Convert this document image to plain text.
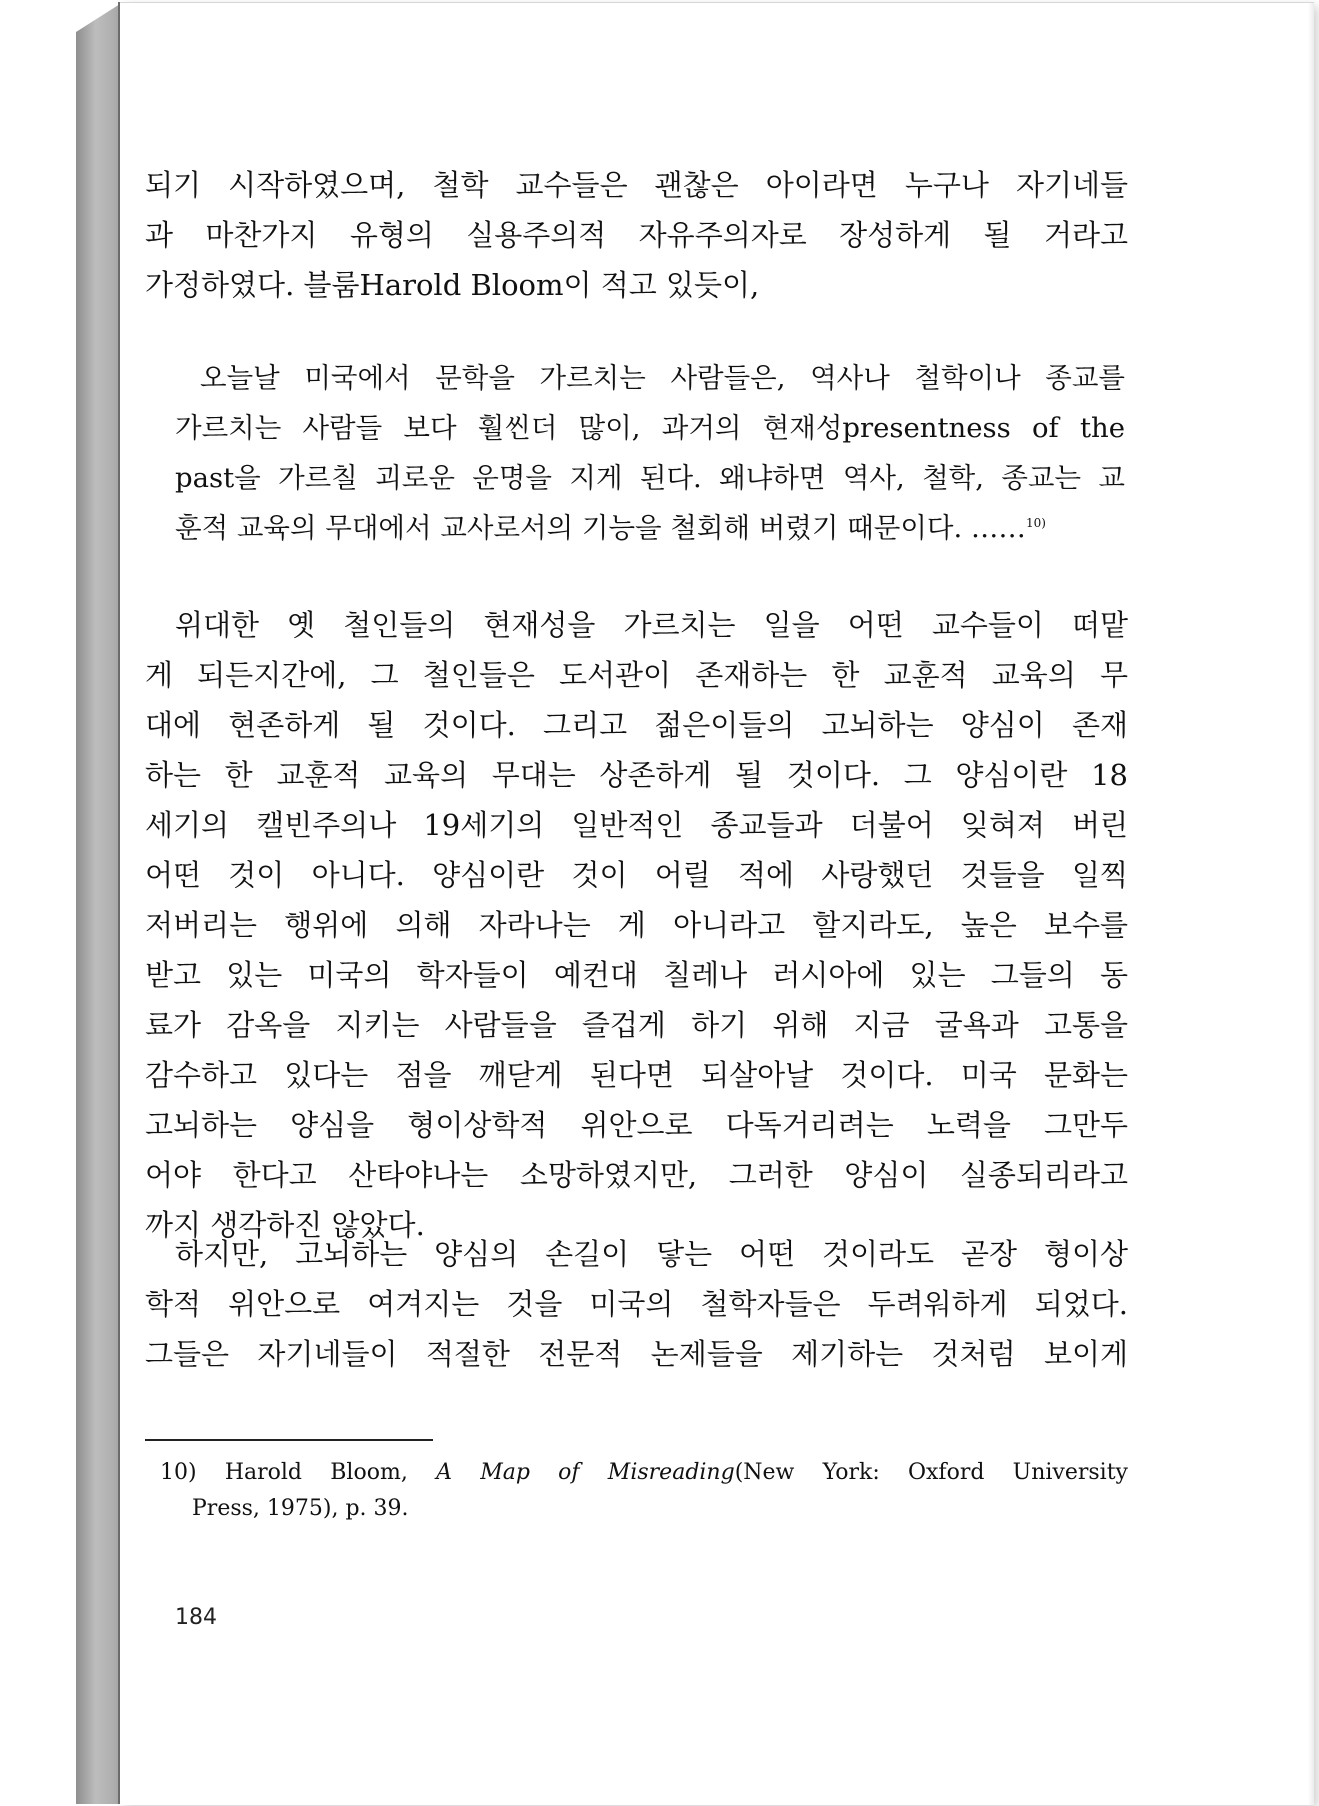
되기 시작하였으며, 철학 교수들은 괜찮은 아이라면 누구나 자기네들
과 마찬가지 유형의 실용주의적 자유주의자로 장성하게 될 거라고
가정하였다. 블룸Harold Bloom이 적고 있듯이,
오늘날 미국에서 문학을 가르치는 사람들은, 역사나 철학이나 종교를
가르치는 사람들 보다 훨씬더 많이, 과거의 현재성presentness of the
past을 가르칠 괴로운 운명을 지게 된다. 왜냐하면 역사, 철학, 종교는 교
훈적 교육의 무대에서 교사로서의 기능을 철회해 버렸기 때문이다. ……$^{10)}$
위대한 옛 철인들의 현재성을 가르치는 일을 어떤 교수들이 떠맡
게 되든지간에, 그 철인들은 도서관이 존재하는 한 교훈적 교육의 무
대에 현존하게 될 것이다. 그리고 젊은이들의 고뇌하는 양심이 존재
하는 한 교훈적 교육의 무대는 상존하게 될 것이다. 그 양심이란 18
세기의 캘빈주의나 19세기의 일반적인 종교들과 더불어 잊혀져 버린
어떤 것이 아니다. 양심이란 것이 어릴 적에 사랑했던 것들을 일찍
저버리는 행위에 의해 자라나는 게 아니라고 할지라도, 높은 보수를
받고 있는 미국의 학자들이 예컨대 칠레나 러시아에 있는 그들의 동
료가 감옥을 지키는 사람들을 즐겁게 하기 위해 지금 굴욕과 고통을
감수하고 있다는 점을 깨닫게 된다면 되살아날 것이다. 미국 문화는
고뇌하는 양심을 형이상학적 위안으로 다독거리려는 노력을 그만두
어야 한다고 산타야나는 소망하였지만, 그러한 양심이 실종되리라고
까지 생각하진 않았다.
하지만, 고뇌하는 양심의 손길이 닿는 어떤 것이라도 곧장 형이상
학적 위안으로 여겨지는 것을 미국의 철학자들은 두려워하게 되었다.
그들은 자기네들이 적절한 전문적 논제들을 제기하는 것처럼 보이게
10) Harold Bloom, A Map of Misreading(New York: Oxford University
Press, 1975), p. 39.
184
